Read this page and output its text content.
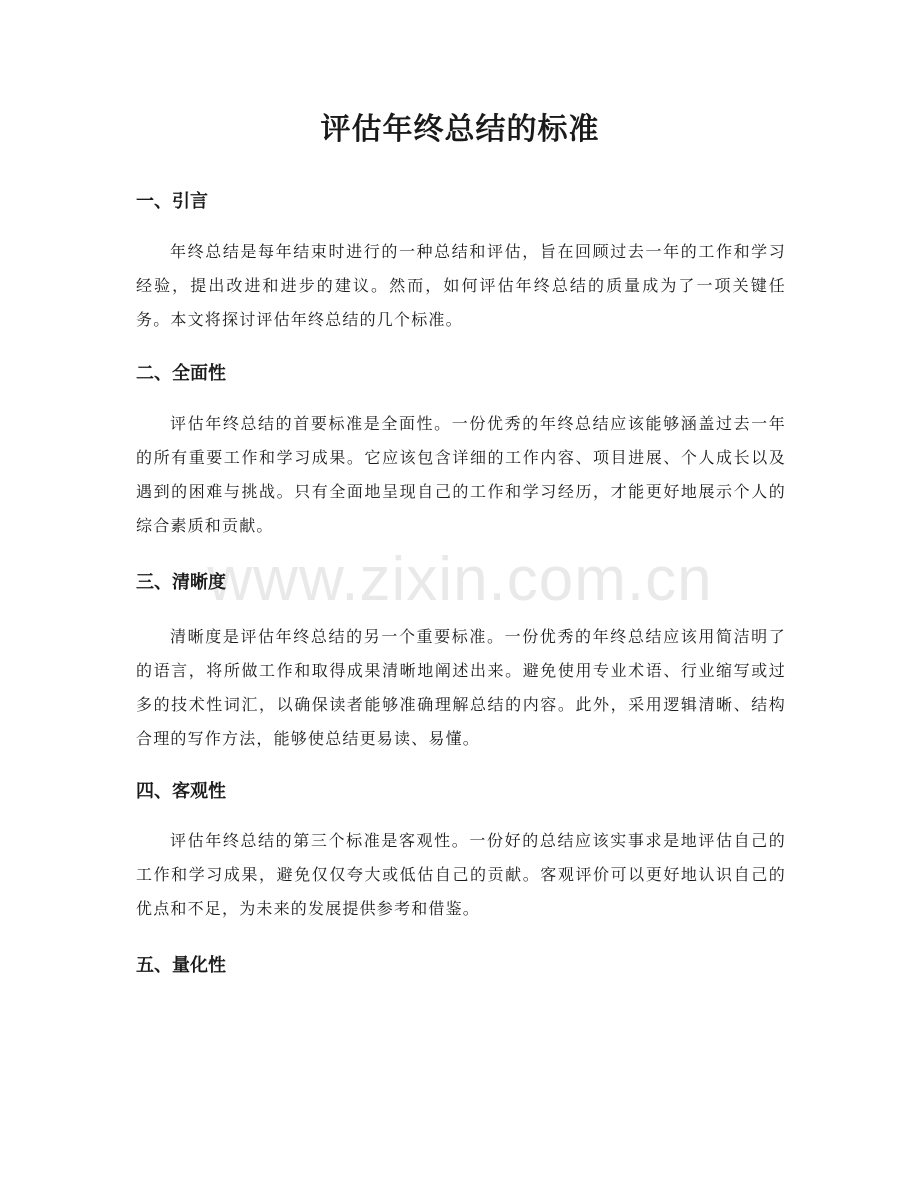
评估年终总结的标准
一、引言

年终总结是每年结束时进行的一种总结和评估，旨在回顾过去一年的工作和学习经验，提出改进和进步的建议。然而，如何评估年终总结的质量成为了一项关键任务。本文将探讨评估年终总结的几个标准。

二、全面性

评估年终总结的首要标准是全面性。一份优秀的年终总结应该能够涵盖过去一年的所有重要工作和学习成果。它应该包含详细的工作内容、项目进展、个人成长以及遇到的困难与挑战。只有全面地呈现自己的工作和学习经历，才能更好地展示个人的综合素质和贡献。

三、清晰度

清晰度是评估年终总结的另一个重要标准。一份优秀的年终总结应该用简洁明了的语言，将所做工作和取得成果清晰地阐述出来。避免使用专业术语、行业缩写或过多的技术性词汇，以确保读者能够准确理解总结的内容。此外，采用逻辑清晰、结构合理的写作方法，能够使总结更易读、易懂。

四、客观性

评估年终总结的第三个标准是客观性。一份好的总结应该实事求是地评估自己的工作和学习成果，避免仅仅夸大或低估自己的贡献。客观评价可以更好地认识自己的优点和不足，为未来的发展提供参考和借鉴。

五、量化性
www.zixin.com.cn
